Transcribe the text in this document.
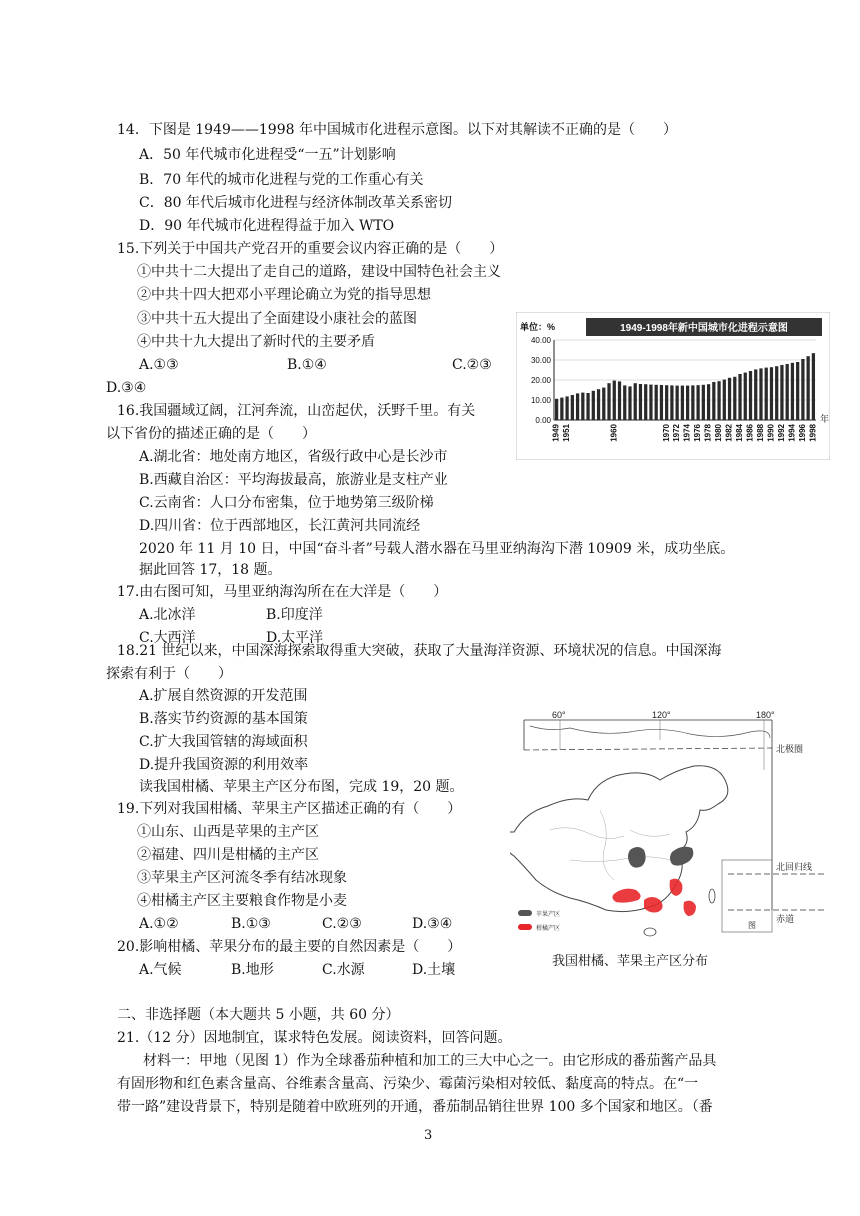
14．下图是 1949——1998 年中国城市化进程示意图。以下对其解读不正确的是（　　）
A．50 年代城市化进程受“一五”计划影响
B．70 年代的城市化进程与党的工作重心有关
C．80 年代后城市化进程与经济体制改革关系密切
D．90 年代城市化进程得益于加入 WTO
15.下列关于中国共产党召开的重要会议内容正确的是（　　）
①中共十二大提出了走自己的道路，建设中国特色社会主义
②中共十四大把邓小平理论确立为党的指导思想
③中共十五大提出了全面建设小康社会的蓝图
④中共十九大提出了新时代的主要矛盾
A.①③	B.①④	C.②③
D.③④
16.我国疆域辽阔，江河奔流，山峦起伏，沃野千里。有关
以下省份的描述正确的是（　　）
A.湖北省：地处南方地区，省级行政中心是长沙市
B.西藏自治区：平均海拔最高，旅游业是支柱产业
C.云南省：人口分布密集，位于地势第三级阶梯
D.四川省：位于西部地区，长江黄河共同流经
2020 年 11 月 10 日，中国“奋斗者”号载人潜水器在马里亚纳海沟下潜 10909 米，成功坐底。
据此回答 17，18 题。
17.由右图可知，马里亚纳海沟所在在大洋是（　　）
A.北冰洋	B.印度洋
C.大西洋	D.太平洋
18.21 世纪以来，中国深海探索取得重大突破，获取了大量海洋资源、环境状况的信息。中国深海
探索有利于（　　）
A.扩展自然资源的开发范围
B.落实节约资源的基本国策
C.扩大我国管辖的海域面积
D.提升我国资源的利用效率
读我国柑橘、苹果主产区分布图，完成 19，20 题。
19.下列对我国柑橘、苹果主产区描述正确的有（　　）
①山东、山西是苹果的主产区
②福建、四川是柑橘的主产区
③苹果主产区河流冬季有结冰现象
④柑橘主产区主要粮食作物是小麦
A.①②	B.①③	C.②③	D.③④
20.影响柑橘、苹果分布的最主要的自然因素是（　　）
A.气候	B.地形	C.水源	D.土壤
二、非选择题（本大题共 5 小题，共 60 分）
21.（12 分）因地制宜，谋求特色发展。阅读资料，回答问题。
材料一：甲地（见图 1）作为全球番茄种植和加工的三大中心之一。由它形成的番茄酱产品具
有固形物和红色素含量高、谷维素含量高、污染少、霉菌污染相对较低、黏度高的特点。在“一
带一路”建设背景下，特别是随着中欧班列的开通，番茄制品销往世界 100 多个国家和地区。（番
1949-1998年新中国城市化进程示意图
单位：%
0.00
10.00
20.00
30.00
40.00
1949 1951	1960	1970 1972 1974 1976 1978 1980 1982 1984 1986 1988 1990 1992 1994 1996 1998
年
60°	120°	180°
北极圈
北回归线
赤道
图
苹果产区
柑橘产区
我国柑橘、苹果主产区分布
3
